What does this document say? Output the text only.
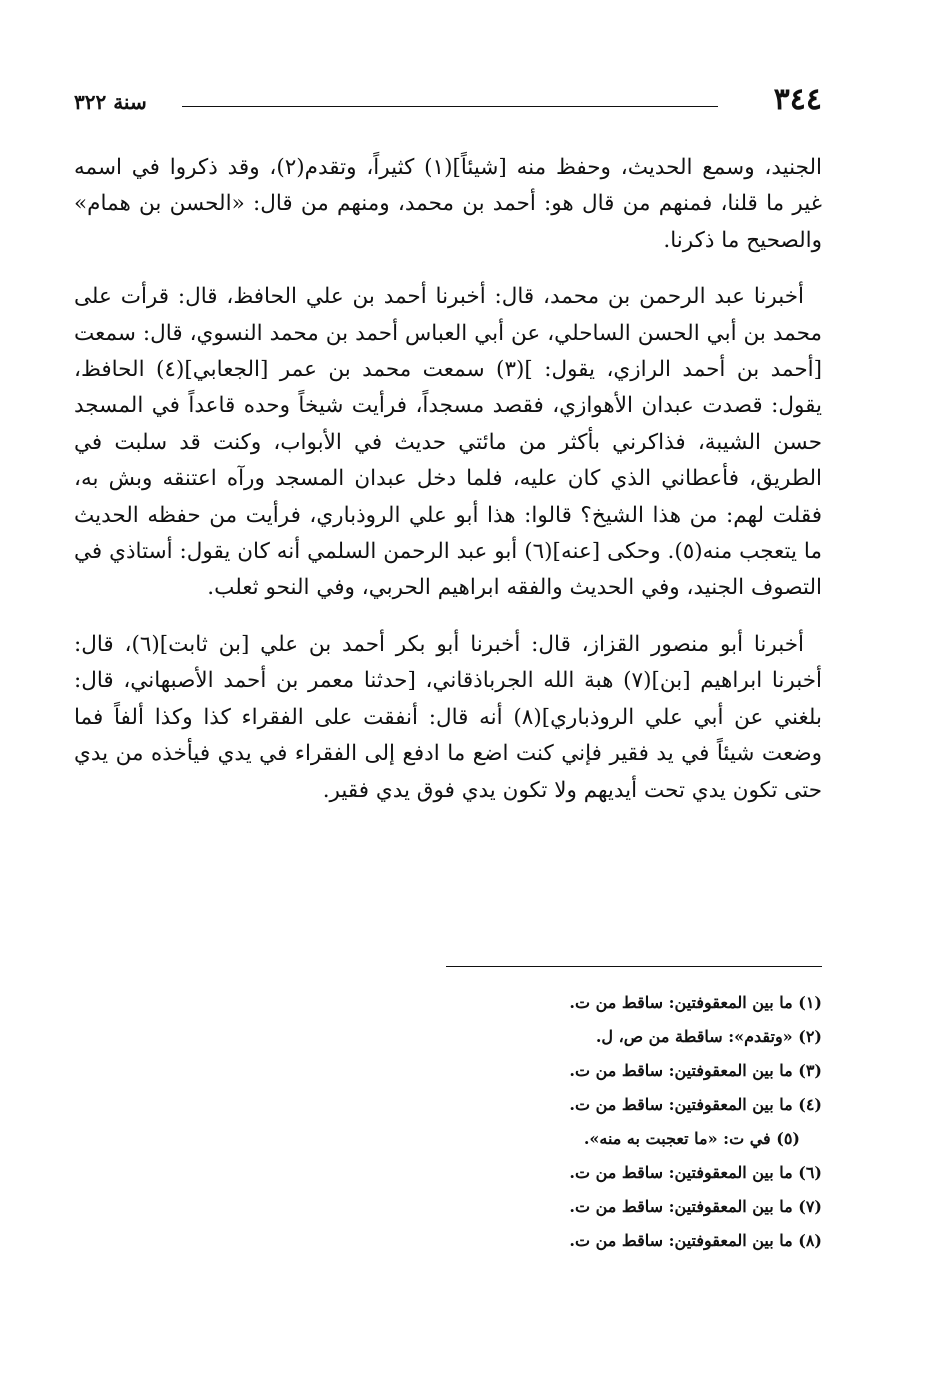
٣٤٤
سنة ٣٢٢

الجنيد، وسمع الحديث، وحفظ منه [شيئاً](١) كثيراً، وتقدم(٢)، وقد ذكروا في اسمه غير ما قلنا، فمنهم من قال هو: أحمد بن محمد، ومنهم من قال: «الحسن بن همام» والصحيح ما ذكرنا.

أخبرنا عبد الرحمن بن محمد، قال: أخبرنا أحمد بن علي الحافظ، قال: قرأت على محمد بن أبي الحسن الساحلي، عن أبي العباس أحمد بن محمد النسوي، قال: سمعت [أحمد بن أحمد الرازي، يقول: ](٣) سمعت محمد بن عمر [الجعابي](٤) الحافظ، يقول: قصدت عبدان الأهوازي، فقصد مسجداً، فرأيت شيخاً وحده قاعداً في المسجد حسن الشيبة، فذاكرني بأكثر من مائتي حديث في الأبواب، وكنت قد سلبت في الطريق، فأعطاني الذي كان عليه، فلما دخل عبدان المسجد ورآه اعتنقه وبش به، فقلت لهم: من هذا الشيخ؟ قالوا: هذا أبو علي الروذباري، فرأيت من حفظه الحديث ما يتعجب منه(٥). وحكى [عنه](٦) أبو عبد الرحمن السلمي أنه كان يقول: أستاذي في التصوف الجنيد، وفي الحديث والفقه ابراهيم الحربي، وفي النحو ثعلب.

أخبرنا أبو منصور القزاز، قال: أخبرنا أبو بكر أحمد بن علي [بن ثابت](٦)، قال: أخبرنا ابراهيم [بن](٧) هبة الله الجرباذقاني، [حدثنا معمر بن أحمد الأصبهاني، قال: بلغني عن أبي علي الروذباري](٨) أنه قال: أنفقت على الفقراء كذا وكذا ألفاً فما وضعت شيئاً في يد فقير فإني كنت اضع ما ادفع إلى الفقراء في يدي فيأخذه من يدي حتى تكون يدي تحت أيديهم ولا تكون يدي فوق يدي فقير.

(١) ما بين المعقوفتين: ساقط من ت.
(٢) «وتقدم»: ساقطة من ص، ل.
(٣) ما بين المعقوفتين: ساقط من ت.
(٤) ما بين المعقوفتين: ساقط من ت.
(٥) في ت: «ما تعجبت به منه».
(٦) ما بين المعقوفتين: ساقط من ت.
(٧) ما بين المعقوفتين: ساقط من ت.
(٨) ما بين المعقوفتين: ساقط من ت.
